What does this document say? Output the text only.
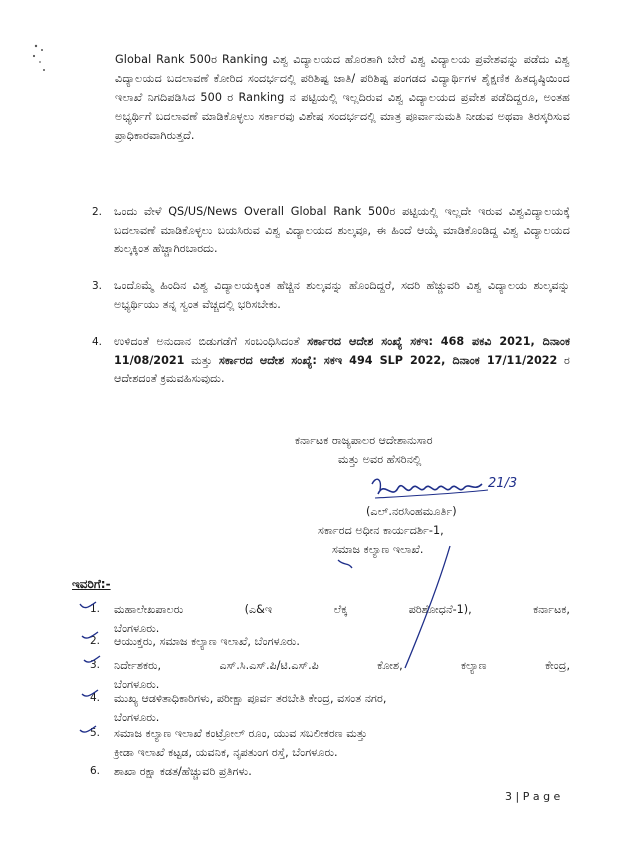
Global Rank 500ರ Ranking ವಿಶ್ವ ವಿದ್ಯಾಲಯದ ಹೊರತಾಗಿ ಬೇರೆ ವಿಶ್ವ ವಿದ್ಯಾಲಯ ಪ್ರವೇಶವನ್ನು ಪಡೆದು ವಿಶ್ವ ವಿದ್ಯಾಲಯದ ಬದಲಾವಣೆ ಕೋರಿದ ಸಂದರ್ಭದಲ್ಲಿ ಪರಿಶಿಷ್ಟ ಜಾತಿ/ ಪರಿಶಿಷ್ಟ ಪಂಗಡದ ವಿದ್ಯಾರ್ಥಿಗಳ ಶೈಕ್ಷಣಿಕ ಹಿತದೃಷ್ಠಿಯಿಂದ ಇಲಾಖೆ ನಿಗದಿಪಡಿಸಿದ 500 ರ Ranking ನ ಪಟ್ಟಿಯಲ್ಲಿ ಇಲ್ಲದಿರುವ ವಿಶ್ವ ವಿದ್ಯಾಲಯದ ಪ್ರವೇಶ ಪಡೆದಿದ್ದರೂ, ಅಂತಹ ಅಭ್ಯರ್ಥಿಗೆ ಬದಲಾವಣೆ ಮಾಡಿಕೊಳ್ಳಲು ಸರ್ಕಾರವು ವಿಶೇಷ ಸಂದರ್ಭದಲ್ಲಿ ಮಾತ್ರ ಪೂರ್ವಾನುಮತಿ ನೀಡುವ ಅಥವಾ ತಿರಸ್ಕರಿಸುವ ಪ್ರಾಧಿಕಾರವಾಗಿರುತ್ತದೆ.
2.	ಒಂದು ವೇಳೆ QS/US/News Overall Global Rank 500ರ ಪಟ್ಟಿಯಲ್ಲಿ ಇಲ್ಲದೇ ಇರುವ ವಿಶ್ವವಿದ್ಯಾಲಯಕ್ಕೆ ಬದಲಾವಣೆ ಮಾಡಿಕೊಳ್ಳಲು ಬಯಸಿರುವ ವಿಶ್ವ ವಿದ್ಯಾಲಯದ ಶುಲ್ಕವೂ, ಈ ಹಿಂದೆ ಆಯ್ಕೆ ಮಾಡಿಕೊಂಡಿದ್ದ ವಿಶ್ವ ವಿದ್ಯಾಲಯದ ಶುಲ್ಕಕ್ಕಿಂತ ಹೆಚ್ಚಾಗಿರಬಾರದು.
3.	ಒಂದೊಮ್ಮೆ ಹಿಂದಿನ ವಿಶ್ವ ವಿದ್ಯಾಲಯಕ್ಕಿಂತ ಹೆಚ್ಚಿನ ಶುಲ್ಕವನ್ನು ಹೊಂದಿದ್ದರೆ, ಸದರಿ ಹೆಚ್ಚುವರಿ ವಿಶ್ವ ವಿದ್ಯಾಲಯ ಶುಲ್ಕವನ್ನು ಅಭ್ಯರ್ಥಿಯು ತನ್ನ ಸ್ವಂತ ವೆಚ್ಚದಲ್ಲಿ ಭರಿಸಬೇಕು.
4.	ಉಳಿದಂತೆ ಅನುದಾನ ಬಿಡುಗಡೆಗೆ ಸಂಬಂಧಿಸಿದಂತೆ ಸರ್ಕಾರದ ಆದೇಶ ಸಂಖ್ಯೆ ಸಕಇ: 468 ಪಕವಿ 2021, ದಿನಾಂಕ 11/08/2021 ಮತ್ತು ಸರ್ಕಾರದ ಆದೇಶ ಸಂಖ್ಯೆ: ಸಕಇ 494 SLP 2022, ದಿನಾಂಕ 17/11/2022 ರ ಆದೇಶದಂತೆ ಕ್ರಮವಹಿಸುವುದು.
ಕರ್ನಾಟಕ ರಾಜ್ಯಪಾಲರ ಆದೇಶಾನುಸಾರ
ಮತ್ತು ಅವರ ಹೆಸರಿನಲ್ಲಿ
21/3
(ಎಲ್.ನರಸಿಂಹಮೂರ್ತಿ)
ಸರ್ಕಾರದ ಅಧೀನ ಕಾರ್ಯದರ್ಶಿ-1,
ಸಮಾಜ ಕಲ್ಯಾಣ ಇಲಾಖೆ.
ಇವರಿಗೆ:-
1.	ಮಹಾಲೇಖಪಾಲರು (ಎ&ಇ ಲೆಕ್ಕ ಪರಿಶೋಧನೆ-1), ಕರ್ನಾಟಕ,
ಬೆಂಗಳೂರು.
2.	ಆಯುಕ್ತರು, ಸಮಾಜ ಕಲ್ಯಾಣ ಇಲಾಖೆ, ಬೆಂಗಳೂರು.
3.	ನಿರ್ದೇಶಕರು, ಎಸ್.ಸಿ.ಎಸ್.ಪಿ/ಟಿ.ಎಸ್.ಪಿ ಕೋಶ, ಕಲ್ಯಾಣ ಕೇಂದ್ರ,
ಬೆಂಗಳೂರು.
4.	ಮುಖ್ಯ ಆಡಳಿತಾಧಿಕಾರಿಗಳು, ಪರೀಕ್ಷಾ ಪೂರ್ವ ತರಬೇತಿ ಕೇಂದ್ರ, ವಸಂತ ನಗರ,
ಬೆಂಗಳೂರು.
5.	ಸಮಾಜ ಕಲ್ಯಾಣ ಇಲಾಖೆ ಕಂಟ್ರೋಲ್ ರೂಂ, ಯುವ ಸಬಲೀಕರಣ ಮತ್ತು
ಕ್ರೀಡಾ ಇಲಾಖೆ ಕಟ್ಟಡ, ಯವನಿಕ, ನೃಪತುಂಗ ರಸ್ತೆ, ಬೆಂಗಳೂರು.
6.	ಶಾಖಾ ರಕ್ಷಾ ಕಡತ/ಹೆಚ್ಚುವರಿ ಪ್ರತಿಗಳು.
3 | P a g e
